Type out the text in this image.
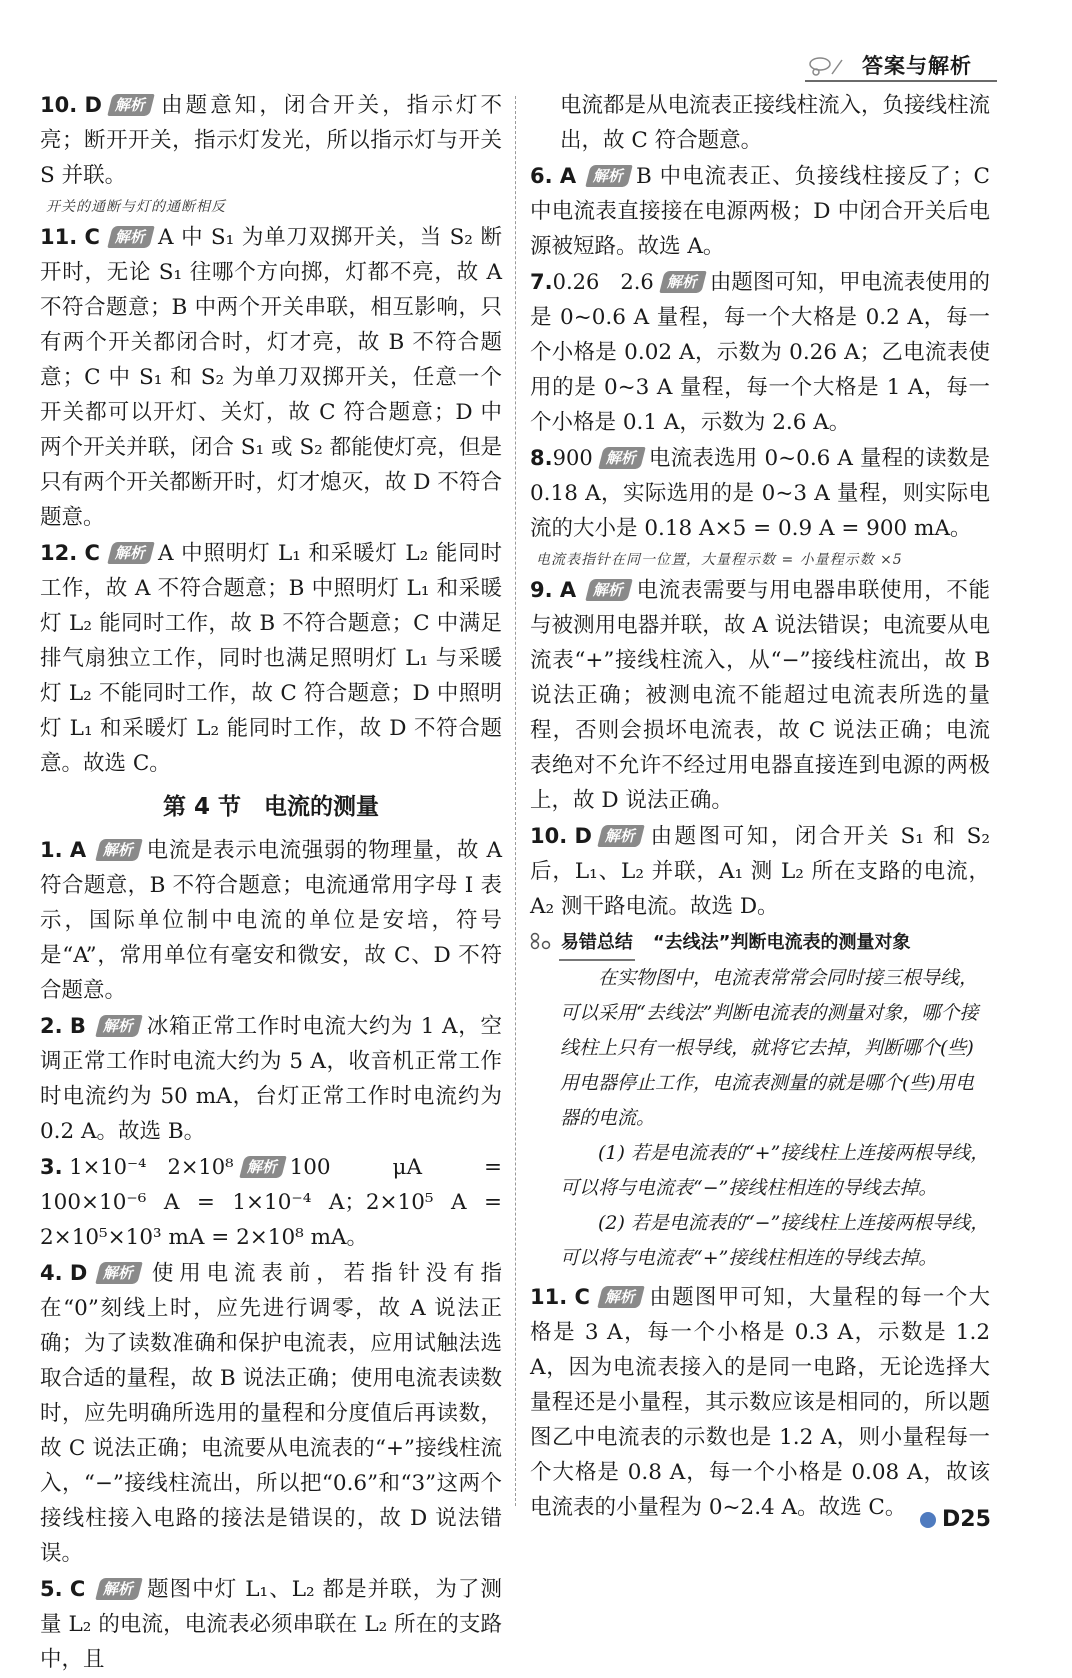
答案与解析
10. D 解析 由题意知，闭合开关，指示灯不亮；断开开关，指示灯发光，所以指示灯与开关 S 并联。
开关的通断与灯的通断相反
11. C 解析 A 中 S₁ 为单刀双掷开关，当 S₂ 断开时，无论 S₁ 往哪个方向掷，灯都不亮，故 A 不符合题意；B 中两个开关串联，相互影响，只有两个开关都闭合时，灯才亮，故 B 不符合题意；C 中 S₁ 和 S₂ 为单刀双掷开关，任意一个开关都可以开灯、关灯，故 C 符合题意；D 中两个开关并联，闭合 S₁ 或 S₂ 都能使灯亮，但是只有两个开关都断开时，灯才熄灭，故 D 不符合题意。
12. C 解析 A 中照明灯 L₁ 和采暖灯 L₂ 能同时工作，故 A 不符合题意；B 中照明灯 L₁ 和采暖灯 L₂ 能同时工作，故 B 不符合题意；C 中满足排气扇独立工作，同时也满足照明灯 L₁ 与采暖灯 L₂ 不能同时工作，故 C 符合题意；D 中照明灯 L₁ 和采暖灯 L₂ 能同时工作，故 D 不符合题意。故选 C。
第 4 节　电流的测量
1. A 解析 电流是表示电流强弱的物理量，故 A 符合题意，B 不符合题意；电流通常用字母 I 表示，国际单位制中电流的单位是安培，符号是“A”，常用单位有毫安和微安，故 C、D 不符合题意。
2. B 解析 冰箱正常工作时电流大约为 1 A，空调正常工作时电流大约为 5 A，收音机正常工作时电流约为 50 mA，台灯正常工作时电流约为 0.2 A。故选 B。
3. 1×10⁻⁴　2×10⁸ 解析 100 μA = 100×10⁻⁶ A = 1×10⁻⁴ A；2×10⁵ A = 2×10⁵×10³ mA = 2×10⁸ mA。
4. D 解析 使用电流表前，若指针没有指在“0”刻线上时，应先进行调零，故 A 说法正确；为了读数准确和保护电流表，应用试触法选取合适的量程，故 B 说法正确；使用电流表读数时，应先明确所选用的量程和分度值后再读数，故 C 说法正确；电流要从电流表的“+”接线柱流入，“−”接线柱流出，所以把“0.6”和“3”这两个接线柱接入电路的接法是错误的，故 D 说法错误。
5. C 解析 题图中灯 L₁、L₂ 都是并联，为了测量 L₂ 的电流，电流表必须串联在 L₂ 所在的支路中，且
电流都是从电流表正接线柱流入，负接线柱流出，故 C 符合题意。
6. A 解析 B 中电流表正、负接线柱接反了；C 中电流表直接接在电源两极；D 中闭合开关后电源被短路。故选 A。
7.0.26　2.6 解析 由题图可知，甲电流表使用的是 0~0.6 A 量程，每一个大格是 0.2 A，每一个小格是 0.02 A，示数为 0.26 A；乙电流表使用的是 0~3 A 量程，每一个大格是 1 A，每一个小格是 0.1 A，示数为 2.6 A。
8.900 解析 电流表选用 0~0.6 A 量程的读数是 0.18 A，实际选用的是 0~3 A 量程，则实际电流的大小是 0.18 A×5 = 0.9 A = 900 mA。
电流表指针在同一位置，大量程示数 = 小量程示数 ×5
9. A 解析 电流表需要与用电器串联使用，不能与被测用电器并联，故 A 说法错误；电流要从电流表“+”接线柱流入，从“−”接线柱流出，故 B 说法正确；被测电流不能超过电流表所选的量程，否则会损坏电流表，故 C 说法正确；电流表绝对不允许不经过用电器直接连到电源的两极上，故 D 说法正确。
10. D 解析 由题图可知，闭合开关 S₁ 和 S₂ 后，L₁、L₂ 并联，A₁ 测 L₂ 所在支路的电流，A₂ 测干路电流。故选 D。
易错总结 “去线法”判断电流表的测量对象
在实物图中，电流表常常会同时接三根导线，可以采用“去线法”判断电流表的测量对象，哪个接线柱上只有一根导线，就将它去掉，判断哪个(些)用电器停止工作，电流表测量的就是哪个(些)用电器的电流。
(1) 若是电流表的“+”接线柱上连接两根导线，可以将与电流表“−”接线柱相连的导线去掉。
(2) 若是电流表的“−”接线柱上连接两根导线，可以将与电流表“+”接线柱相连的导线去掉。
11. C 解析 由题图甲可知，大量程的每一个大格是 3 A，每一个小格是 0.3 A，示数是 1.2 A，因为电流表接入的是同一电路，无论选择大量程还是小量程，其示数应该是相同的，所以题图乙中电流表的示数也是 1.2 A，则小量程每一个大格是 0.8 A，每一个小格是 0.08 A，故该电流表的小量程为 0~2.4 A。故选 C。	D25
